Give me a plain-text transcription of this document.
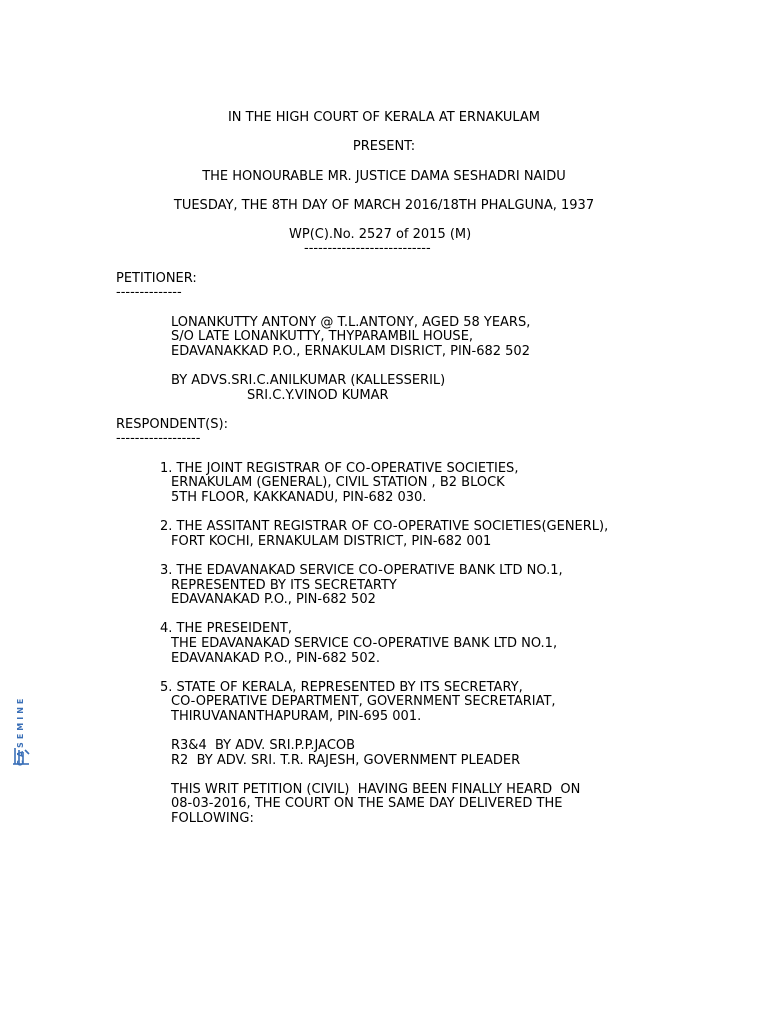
IN THE HIGH COURT OF KERALA AT ERNAKULAM
PRESENT:
THE HONOURABLE MR. JUSTICE DAMA SESHADRI NAIDU
TUESDAY, THE 8TH DAY OF MARCH 2016/18TH PHALGUNA, 1937
WP(C).No. 2527 of 2015 (M)
---------------------------
PETITIONER:
--------------
LONANKUTTY ANTONY @ T.L.ANTONY, AGED 58 YEARS,
S/O LATE LONANKUTTY, THYPARAMBIL HOUSE,
EDAVANAKKAD P.O., ERNAKULAM DISRICT, PIN-682 502
BY ADVS.SRI.C.ANILKUMAR (KALLESSERIL)
SRI.C.Y.VINOD KUMAR
RESPONDENT(S):
------------------
1. THE JOINT REGISTRAR OF CO-OPERATIVE SOCIETIES,
ERNAKULAM (GENERAL), CIVIL STATION , B2 BLOCK
5TH FLOOR, KAKKANADU, PIN-682 030.
2. THE ASSITANT REGISTRAR OF CO-OPERATIVE SOCIETIES(GENERL),
FORT KOCHI, ERNAKULAM DISTRICT, PIN-682 001
3. THE EDAVANAKAD SERVICE CO-OPERATIVE BANK LTD NO.1,
REPRESENTED BY ITS SECRETARTY
EDAVANAKAD P.O., PIN-682 502
4. THE PRESEIDENT,
THE EDAVANAKAD SERVICE CO-OPERATIVE BANK LTD NO.1,
EDAVANAKAD P.O., PIN-682 502.
5. STATE OF KERALA, REPRESENTED BY ITS SECRETARY,
CO-OPERATIVE DEPARTMENT, GOVERNMENT SECRETARIAT,
THIRUVANANTHAPURAM, PIN-695 001.
R3&4  BY ADV. SRI.P.P.JACOB
R2  BY ADV. SRI. T.R. RAJESH, GOVERNMENT PLEADER
THIS WRIT PETITION (CIVIL)  HAVING BEEN FINALLY HEARD  ON
08-03-2016, THE COURT ON THE SAME DAY DELIVERED THE
FOLLOWING:
CASEMINE
